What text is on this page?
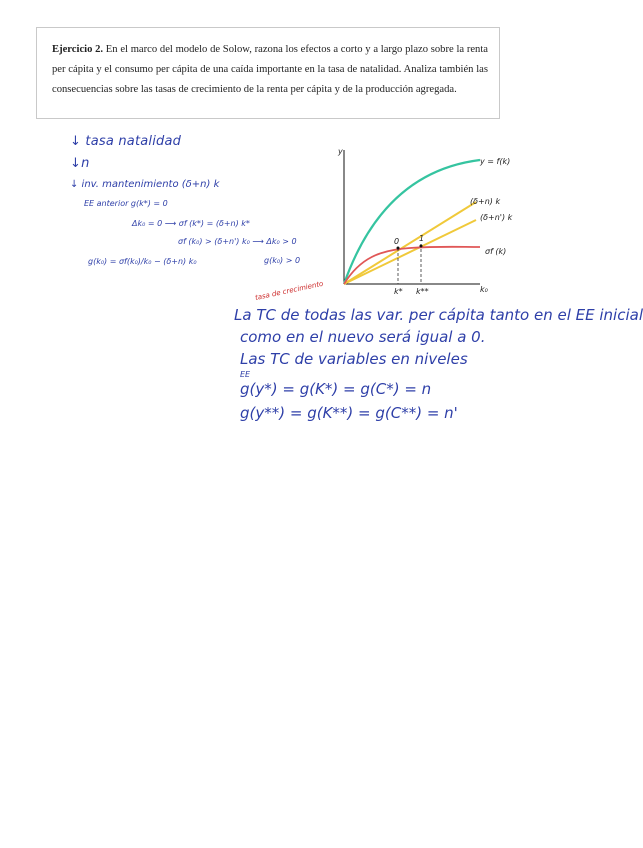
Ejercicio 2. En el marco del modelo de Solow, razona los efectos a corto y a largo plazo sobre la renta per cápita y el consumo per cápita de una caída importante en la tasa de natalidad. Analiza también las consecuencias sobre las tasas de crecimiento de la renta per cápita y de la producción agregada.

↓ tasa natalidad

↓n

↓ inv. mantenimiento (δ+n) k

EE anterior g(k*) = 0

Δk₀ = 0 ⟶ σf (k*) = (δ+n) k*

σf (k₀) > (δ+n') k₀ ⟶ Δk₀ > 0

g(k₀) = σf(k₀)/k₀ − (δ+n) k₀	g(k₀) > 0

y
k₀
y = f(k)
(δ+n) k
(δ+n') k
σf (k)
k* k**
0 1

tasa de crecimiento

La TC de todas las var. per cápita tanto en el EE inicial

como en el nuevo será igual a 0.

Las TC de variables en niveles

EE

g(y*) = g(K*) = g(C*) = n

g(y**) = g(K**) = g(C**) = n'
